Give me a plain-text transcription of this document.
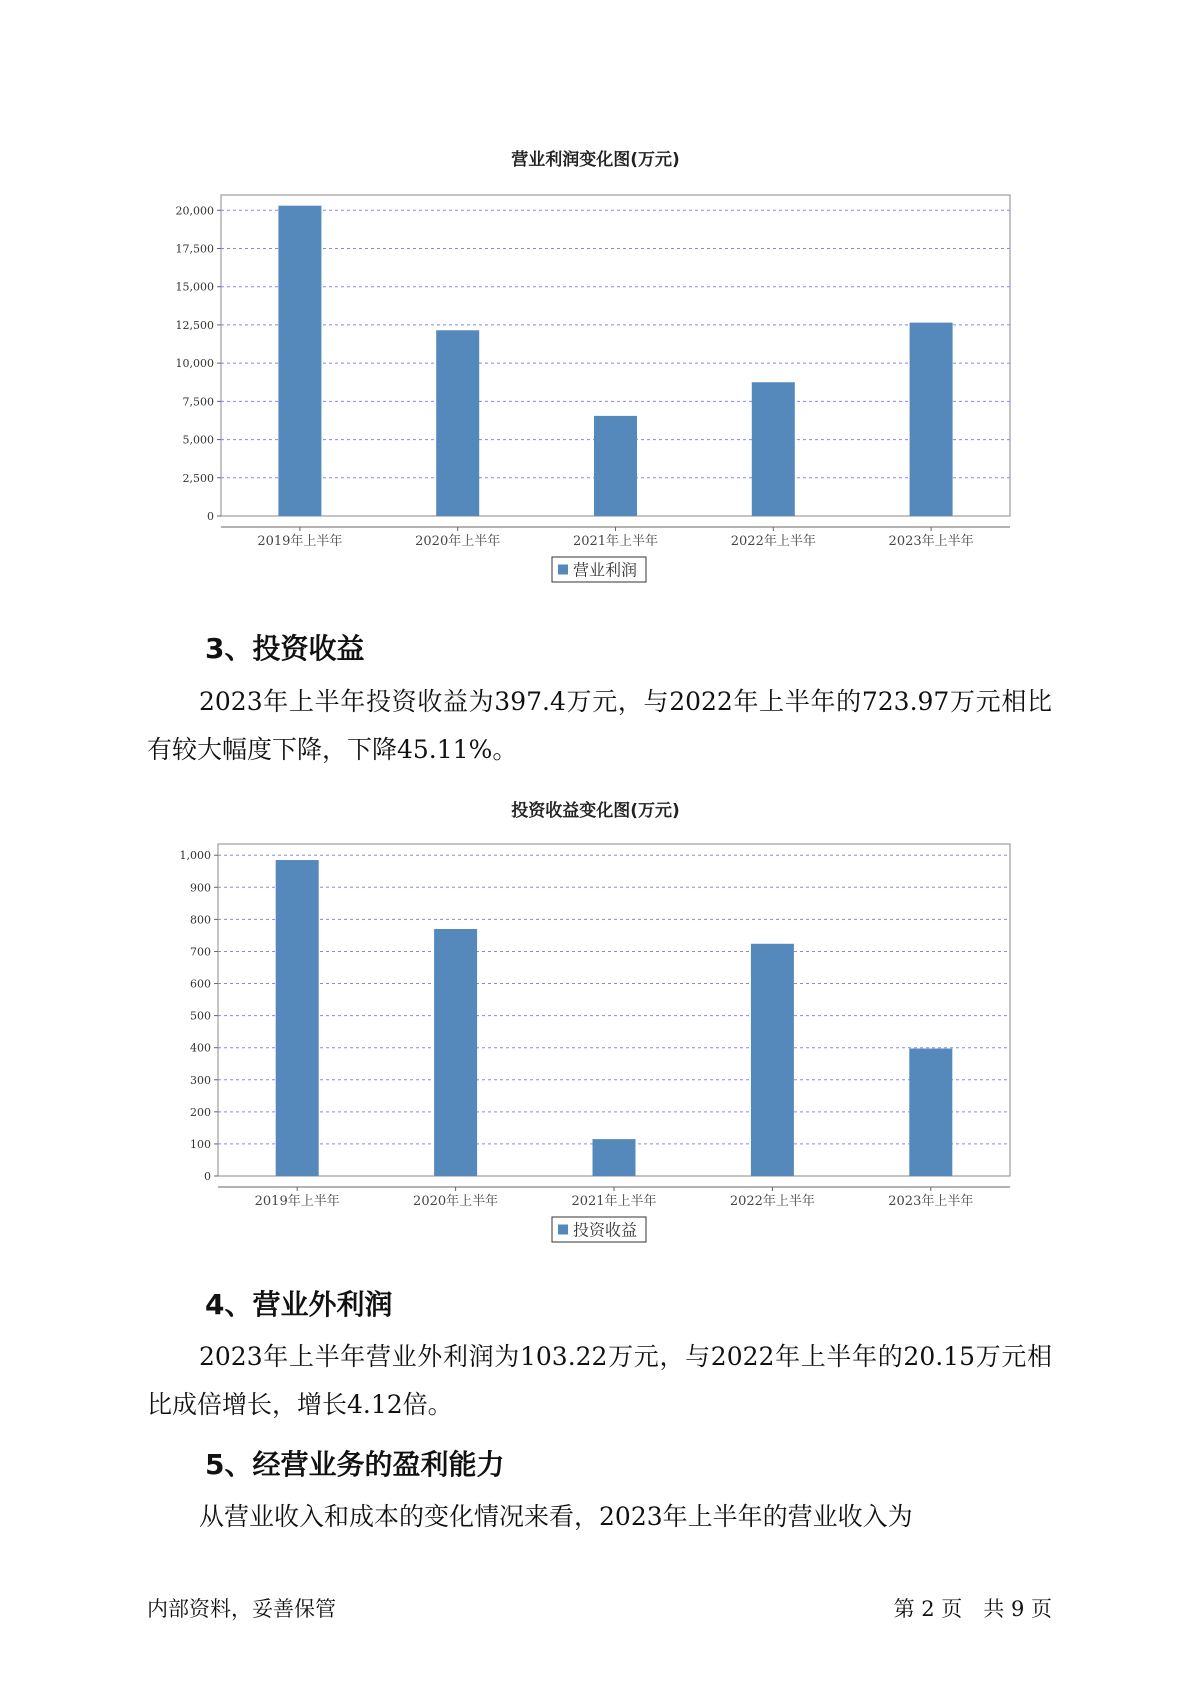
营业利润变化图(万元)
0
2,500
5,000
7,500
10,000
12,500
15,000
17,500
20,000
2019年上半年	2020年上半年	2021年上半年	2022年上半年	2023年上半年
营业利润
3、投资收益

2023年上半年投资收益为397.4万元，与2022年上半年的723.97万元相比有较大幅度下降，下降45.11%。

投资收益变化图(万元)
0
100
200
300
400
500
600
700
800
900
1,000
2019年上半年	2020年上半年	2021年上半年	2022年上半年	2023年上半年
投资收益
4、营业外利润

2023年上半年营业外利润为103.22万元，与2022年上半年的20.15万元相比成倍增长，增长4.12倍。

5、经营业务的盈利能力

从营业收入和成本的变化情况来看，2023年上半年的营业收入为

内部资料，妥善保管	第 2 页　共 9 页
